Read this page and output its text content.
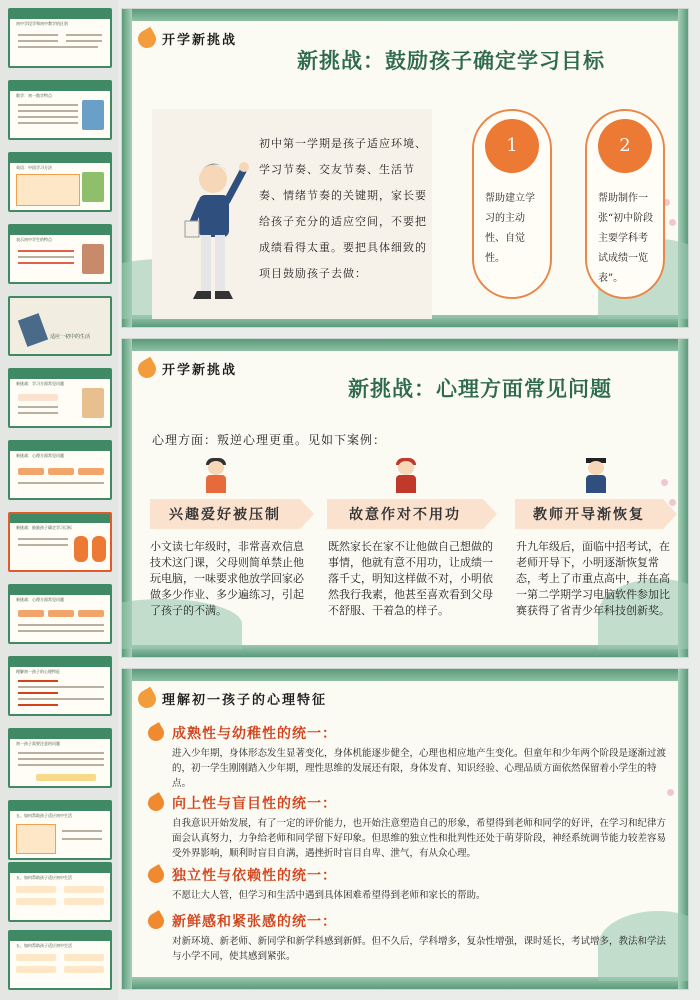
初中学段学和初中教学的区别
数学：初一数学特点
英语：中国学习方法
表示初中学生的特点
适应一初中的生活
新挑战：学习方面常见问题
新挑战：心理方面常见问题
新挑战：鼓励孩子确定学习目标
新挑战：心理方面常见问题
理解初一孩子的心理特征
初一孩子需要注意的问题
五、如何帮助孩子适应初中生活
五、如何帮助孩子适应初中生活
五、如何帮助孩子适应初中生活
开学新挑战
新挑战：鼓励孩子确定学习目标
初中第一学期是孩子适应环境、学习节奏、交友节奏、生活节奏、情绪节奏的关键期，家长要给孩子充分的适应空间，不要把成绩看得太重。要把具体细致的项目鼓励孩子去做：
1
帮助建立学习的主动性、自觉性。
2
帮助制作一张“初中阶段主要学科考试成绩一览表”。
开学新挑战
新挑战：心理方面常见问题
心理方面：叛逆心理更重。见如下案例：
兴趣爱好被压制	故意作对不用功	教师开导渐恢复
小文读七年级时，非常喜欢信息技术这门课，父母则简单禁止他玩电脑，一味要求他放学回家必做多少作业、多少遍练习，引起了孩子的不满。
既然家长在家不让他做自己想做的事情，他就有意不用功，让成绩一落千丈，明知这样做不对，小明依然我行我素，他甚至喜欢看到父母不舒服、干着急的样子。
升九年级后，面临中招考试，在老师开导下，小明逐渐恢复常态，考上了市重点高中，并在高一第二学期学习电脑软件参加比赛获得了省青少年科技创新奖。
理解初一孩子的心理特征
成熟性与幼稚性的统一：
进入少年期，身体形态发生显著变化，身体机能逐步健全，心理也相应地产生变化。但童年和少年两个阶段是逐渐过渡的，初一学生刚刚踏入少年期，理性思维的发展还有限，身体发育、知识经验、心理品质方面依然保留着小学生的特点。
向上性与盲目性的统一：
自我意识开始发展，有了一定的评价能力，也开始注意塑造自己的形象，希望得到老师和同学的好评，在学习和纪律方面会认真努力，力争给老师和同学留下好印象。但思维的独立性和批判性还处于萌芽阶段，神经系统调节能力较差容易受外界影响，顺利时盲目自满，遇挫折时盲目自卑、泄气，有从众心理。
独立性与依赖性的统一：
不愿让大人管，但学习和生活中遇到具体困难希望得到老师和家长的帮助。
新鲜感和紧张感的统一：
对新环境、新老师、新同学和新学科感到新鲜。但不久后，学科增多，复杂性增强，课时延长，考试增多，教法和学法与小学不同，使其感到紧张。
